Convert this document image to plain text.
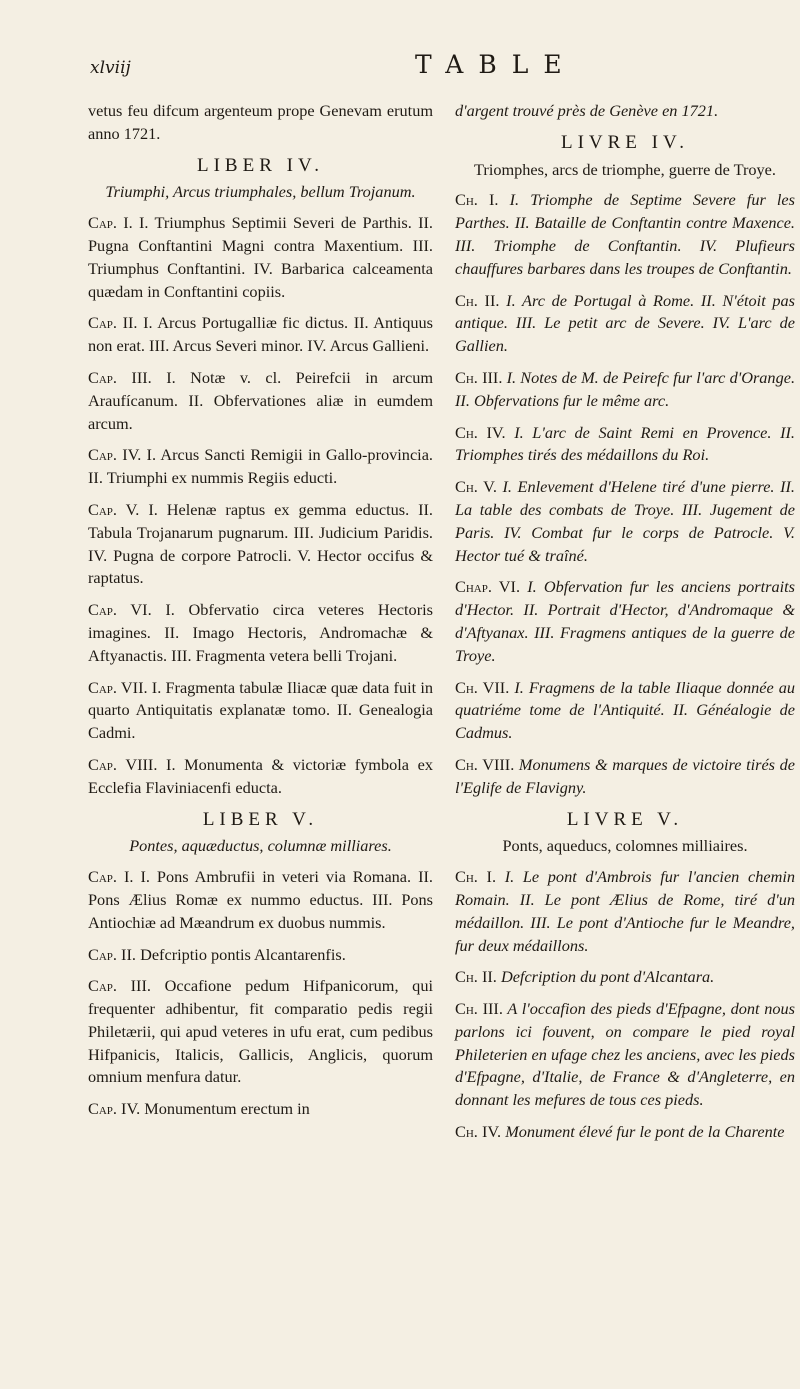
xlviij	TABLE
vetus feu difcum argenteum prope Genevam erutum anno 1721.
LIBER IV.
Triumphi, Arcus triumphales, bellum Trojanum.
Cap. I. I. Triumphus Septimii Severi de Parthis. II. Pugna Conftantini Magni contra Maxentium. III. Triumphus Conftantini. IV. Barbarica calceamenta quædam in Conftantini copiis.
Cap. II. I. Arcus Portugalliæ fic dictus. II. Antiquus non erat. III. Arcus Severi minor. IV. Arcus Gallieni.
Cap. III. I. Notæ v. cl. Peirefcii in arcum Araufícanum. II. Obfervationes aliæ in eumdem arcum.
Cap. IV. I. Arcus Sancti Remigii in Gallo-provincia. II. Triumphi ex nummis Regiis educti.
Cap. V. I. Helenæ raptus ex gemma eductus. II. Tabula Trojanarum pugnarum. III. Judicium Paridis. IV. Pugna de corpore Patrocli. V. Hector occifus & raptatus.
Cap. VI. I. Obfervatio circa veteres Hectoris imagines. II. Imago Hectoris, Andromachæ & Aftyanactis. III. Fragmenta vetera belli Trojani.
Cap. VII. I. Fragmenta tabulæ Iliacæ quæ data fuit in quarto Antiquitatis explanatæ tomo. II. Genealogia Cadmi.
Cap. VIII. I. Monumenta & victoriæ fymbola ex Ecclefia Flaviniacenfi educta.
LIBER V.
Pontes, aquæductus, columnæ milliares.
Cap. I. I. Pons Ambrufii in veteri via Romana. II. Pons Ælius Romæ ex nummo eductus. III. Pons Antiochiæ ad Mæandrum ex duobus nummis.
Cap. II. Defcriptio pontis Alcantarenfis.
Cap. III. Occafione pedum Hifpanicorum, qui frequenter adhibentur, fit comparatio pedis regii Philetærii, qui apud veteres in ufu erat, cum pedibus Hifpanicis, Italicis, Gallicis, Anglicis, quorum omnium menfura datur.
Cap. IV. Monumentum erectum in
d'argent trouvé près de Genève en 1721.
LIVRE IV.
Triomphes, arcs de triomphe, guerre de Troye.
Ch. I. I. Triomphe de Septime Severe fur les Parthes. II. Bataille de Conftantin contre Maxence. III. Triomphe de Conftantin. IV. Plufieurs chauffures barbares dans les troupes de Conftantin.
Ch. II. I. Arc de Portugal à Rome. II. N'étoit pas antique. III. Le petit arc de Severe. IV. L'arc de Gallien.
Ch. III. I. Notes de M. de Peirefc fur l'arc d'Orange. II. Obfervations fur le même arc.
Ch. IV. I. L'arc de Saint Remi en Provence. II. Triomphes tirés des médaillons du Roi.
Ch. V. I. Enlevement d'Helene tiré d'une pierre. II. La table des combats de Troye. III. Jugement de Paris. IV. Combat fur le corps de Patrocle. V. Hector tué & traîné.
Chap. VI. I. Obfervation fur les anciens portraits d'Hector. II. Portrait d'Hector, d'Andromaque & d'Aftyanax. III. Fragmens antiques de la guerre de Troye.
Ch. VII. I. Fragmens de la table Iliaque donnée au quatriéme tome de l'Antiquité. II. Généalogie de Cadmus.
Ch. VIII. Monumens & marques de victoire tirés de l'Eglife de Flavigny.
LIVRE V.
Ponts, aqueducs, colomnes milliaires.
Ch. I. I. Le pont d'Ambrois fur l'ancien chemin Romain. II. Le pont Ælius de Rome, tiré d'un médaillon. III. Le pont d'Antioche fur le Meandre, fur deux médaillons.
Ch. II. Defcription du pont d'Alcantara.
Ch. III. A l'occafion des pieds d'Efpagne, dont nous parlons ici fouvent, on compare le pied royal Phileterien en ufage chez les anciens, avec les pieds d'Efpagne, d'Italie, de France & d'Angleterre, en donnant les mefures de tous ces pieds.
Ch. IV. Monument élevé fur le pont de la Charente
